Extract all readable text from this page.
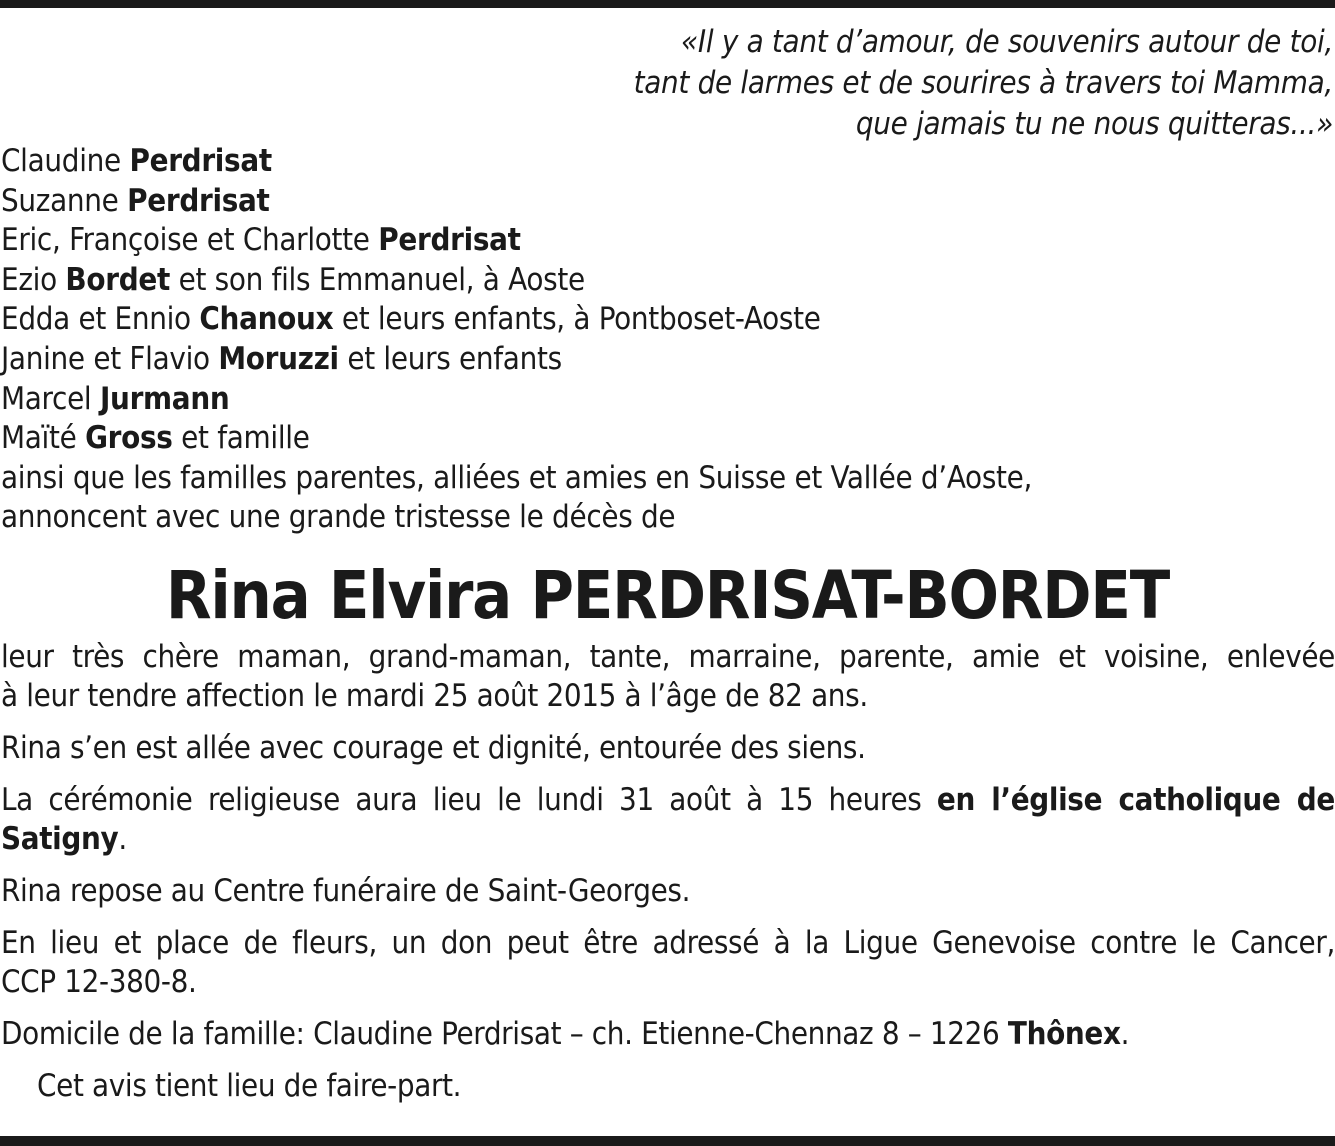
«Il y a tant d’amour, de souvenirs autour de toi,
tant de larmes et de sourires à travers toi Mamma,
que jamais tu ne nous quitteras...»
Claudine Perdrisat
Suzanne Perdrisat
Eric, Françoise et Charlotte Perdrisat
Ezio Bordet et son fils Emmanuel, à Aoste
Edda et Ennio Chanoux et leurs enfants, à Pontboset-Aoste
Janine et Flavio Moruzzi et leurs enfants
Marcel Jurmann
Maïté Gross et famille
ainsi que les familles parentes, alliées et amies en Suisse et Vallée d’Aoste,
annoncent avec une grande tristesse le décès de
Rina Elvira PERDRISAT-BORDET
leur très chère maman, grand-maman, tante, marraine, parente, amie et voisine, enlevée
à leur tendre affection le mardi 25 août 2015 à l’âge de 82 ans.
Rina s’en est allée avec courage et dignité, entourée des siens.
La cérémonie religieuse aura lieu le lundi 31 août à 15 heures en l’église catholique de
Satigny.
Rina repose au Centre funéraire de Saint-Georges.
En lieu et place de fleurs, un don peut être adressé à la Ligue Genevoise contre le Cancer,
CCP 12-380-8.
Domicile de la famille: Claudine Perdrisat – ch. Etienne-Chennaz 8 – 1226 Thônex.
Cet avis tient lieu de faire-part.
